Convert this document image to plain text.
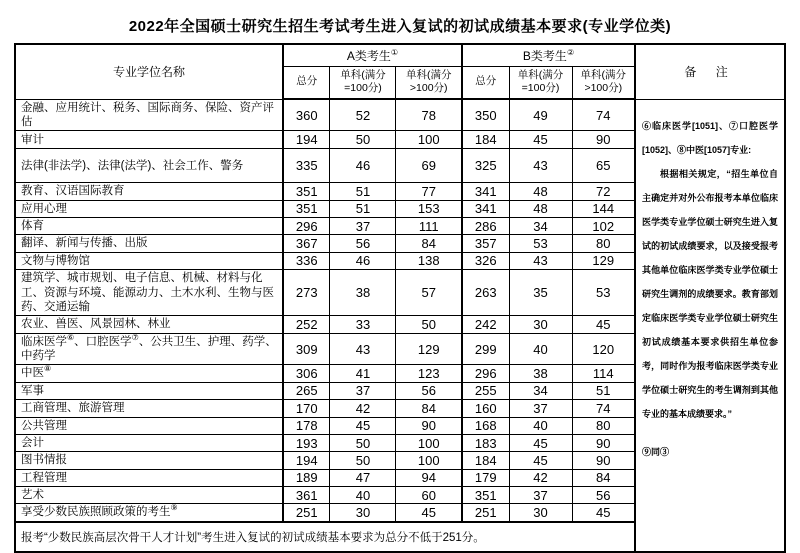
2022年全国硕士研究生招生考试考生进入复试的初试成绩基本要求(专业学位类)
专业学位名称	A类考生①			B类考生②			备 注
	总分	单科(满分=100分)	单科(满分>100分)	总分	单科(满分=100分)	单科(满分>100分)	
金融、应用统计、税务、国际商务、保险、资产评估	360	52	78	350	49	74	⑥临床医学[1051]、⑦口腔医学[1052]、⑧中医[1057]专业:

根据相关规定，“招生单位自主确定并对外公布报考本单位临床医学类专业学位硕士研究生进入复试的初试成绩要求，以及接受报考其他单位临床医学类专业学位硕士研究生调剂的成绩要求。教育部划定临床医学类专业学位硕士研究生初试成绩基本要求供招生单位参考，同时作为报考临床医学类专业学位硕士研究生的考生调剂到其他专业的基本成绩要求。”

⑨同③

审计	194	50	100	184	45	90	
法律(非法学)、法律(法学)、社会工作、警务	335	46	69	325	43	65	
教育、汉语国际教育	351	51	77	341	48	72	
应用心理	351	51	153	341	48	144	
体育	296	37	111	286	34	102	
翻译、新闻与传播、出版	367	56	84	357	53	80	
文物与博物馆	336	46	138	326	43	129	
建筑学、城市规划、电子信息、机械、材料与化工、资源与环境、能源动力、土木水利、生物与医药、交通运输	273	38	57	263	35	53	
农业、兽医、风景园林、林业	252	33	50	242	30	45	
临床医学⑥、口腔医学⑦、公共卫生、护理、药学、中药学	309	43	129	299	40	120	
中医⑧	306	41	123	296	38	114	
军事	265	37	56	255	34	51	
工商管理、旅游管理	170	42	84	160	37	74	
公共管理	178	45	90	168	40	80	
会计	193	50	100	183	45	90	
图书情报	194	50	100	184	45	90	
工程管理	189	47	94	179	42	84	
艺术	361	40	60	351	37	56	
享受少数民族照顾政策的考生⑨	251	30	45	251	30	45	
报考“少数民族高层次骨干人才计划”考生进入复试的初试成绩基本要求为总分不低于251分。							
